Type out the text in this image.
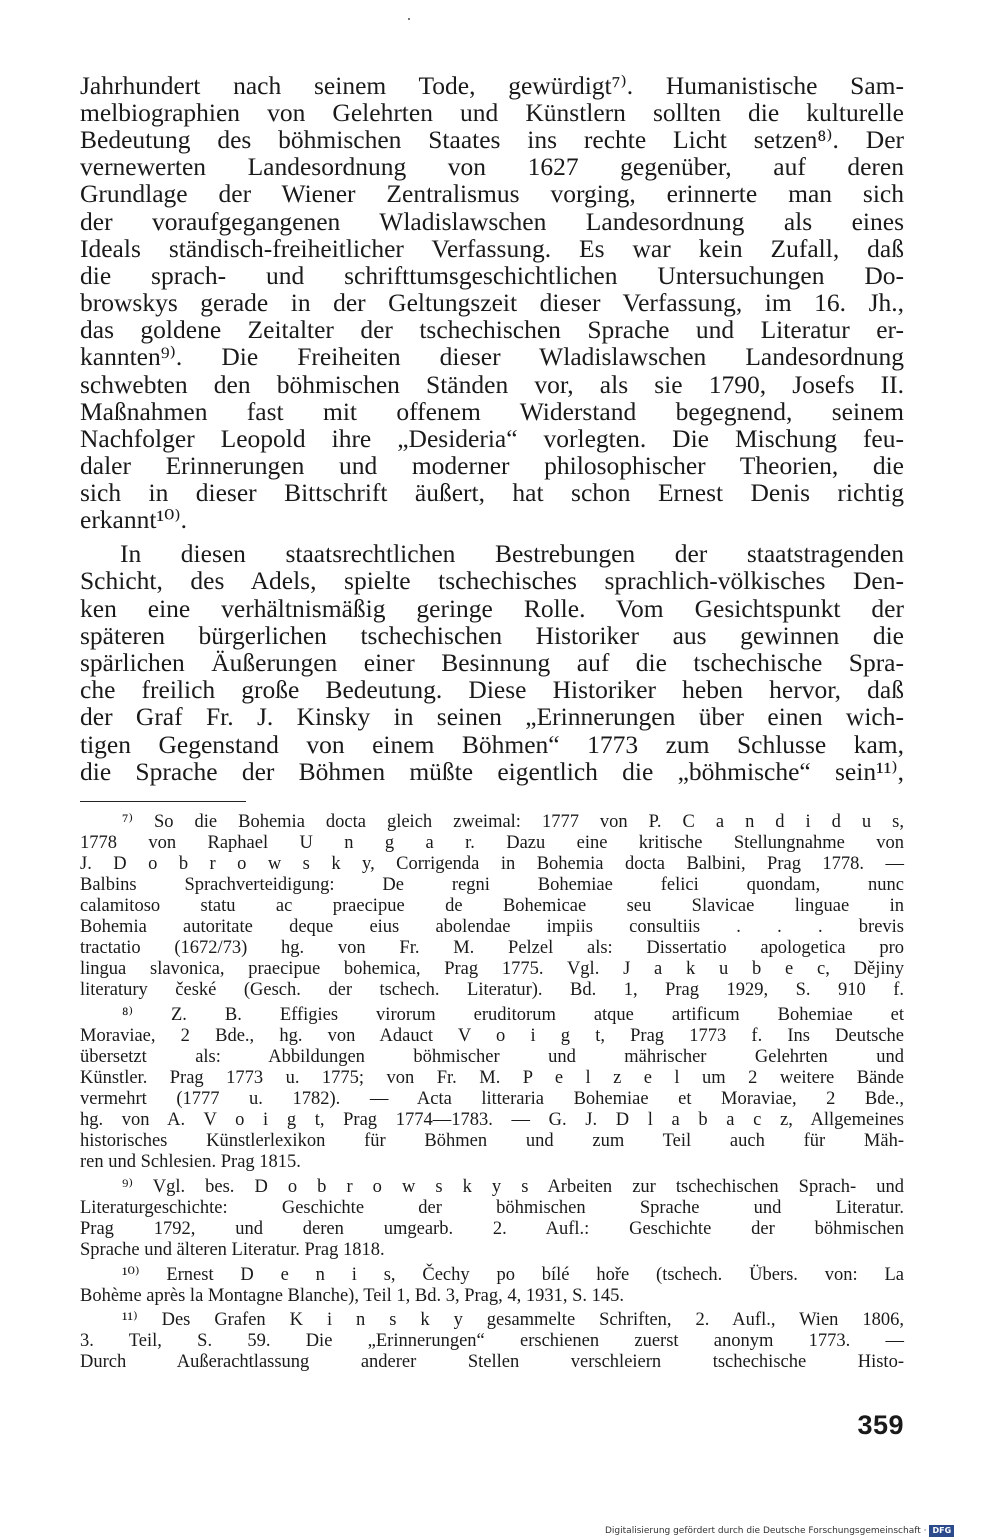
Jahrhundert nach seinem Tode, gewürdigt⁷⁾. Humanistische Sam-
melbiographien von Gelehrten und Künstlern sollten die kulturelle
Bedeutung des böhmischen Staates ins rechte Licht setzen⁸⁾. Der
vernewerten Landesordnung von 1627 gegenüber, auf deren
Grundlage der Wiener Zentralismus vorging, erinnerte man sich
der voraufgegangenen Wladislawschen Landesordnung als eines
Ideals ständisch-freiheitlicher Verfassung. Es war kein Zufall, daß
die sprach- und schrifttumsgeschichtlichen Untersuchungen Do-
browskys gerade in der Geltungszeit dieser Verfassung, im 16. Jh.,
das goldene Zeitalter der tschechischen Sprache und Literatur er-
kannten⁹⁾. Die Freiheiten dieser Wladislawschen Landesordnung
schwebten den böhmischen Ständen vor, als sie 1790, Josefs II.
Maßnahmen fast mit offenem Widerstand begegnend, seinem
Nachfolger Leopold ihre „Desideria“ vorlegten. Die Mischung feu-
daler Erinnerungen und moderner philosophischer Theorien, die
sich in dieser Bittschrift äußert, hat schon Ernest Denis richtig
erkannt¹⁰⁾.
In diesen staatsrechtlichen Bestrebungen der staatstragenden
Schicht, des Adels, spielte tschechisches sprachlich-völkisches Den-
ken eine verhältnismäßig geringe Rolle. Vom Gesichtspunkt der
späteren bürgerlichen tschechischen Historiker aus gewinnen die
spärlichen Äußerungen einer Besinnung auf die tschechische Spra-
che freilich große Bedeutung. Diese Historiker heben hervor, daß
der Graf Fr. J. Kinsky in seinen „Erinnerungen über einen wich-
tigen Gegenstand von einem Böhmen“ 1773 zum Schlusse kam,
die Sprache der Böhmen müßte eigentlich die „böhmische“ sein¹¹⁾,
⁷⁾ So die Bohemia docta gleich zweimal: 1777 von P. C a n d i d u s,
1778 von Raphael U n g a r. Dazu eine kritische Stellungnahme von
J. D o b r o w s k y, Corrigenda in Bohemia docta Balbini, Prag 1778. —
Balbins Sprachverteidigung: De regni Bohemiae felici quondam, nunc
calamitoso statu ac praecipue de Bohemicae seu Slavicae linguae in
Bohemia autoritate deque eius abolendae impiis consultiis . . . brevis
tractatio (1672/73) hg. von Fr. M. Pelzel als: Dissertatio apologetica pro
lingua slavonica, praecipue bohemica, Prag 1775. Vgl. J a k u b e c, Dějiny
literatury české (Gesch. der tschech. Literatur). Bd. 1, Prag 1929, S. 910 f.
⁸⁾ Z. B. Effigies virorum eruditorum atque artificum Bohemiae et
Moraviae, 2 Bde., hg. von Adauct V o i g t, Prag 1773 f. Ins Deutsche
übersetzt als: Abbildungen böhmischer und mährischer Gelehrten und
Künstler. Prag 1773 u. 1775; von Fr. M. P e l z e l um 2 weitere Bände
vermehrt (1777 u. 1782). — Acta litteraria Bohemiae et Moraviae, 2 Bde.,
hg. von A. V o i g t, Prag 1774—1783. — G. J. D l a b a c z, Allgemeines
historisches Künstlerlexikon für Böhmen und zum Teil auch für Mäh-
ren und Schlesien. Prag 1815.
⁹⁾ Vgl. bes. D o b r o w s k y s Arbeiten zur tschechischen Sprach- und
Literaturgeschichte: Geschichte der böhmischen Sprache und Literatur.
Prag 1792, und deren umgearb. 2. Aufl.: Geschichte der böhmischen
Sprache und älteren Literatur. Prag 1818.
¹⁰⁾ Ernest D e n i s, Čechy po bílé hoře (tschech. Übers. von: La
Bohème après la Montagne Blanche), Teil 1, Bd. 3, Prag, 4, 1931, S. 145.
¹¹⁾ Des Grafen K i n s k y gesammelte Schriften, 2. Aufl., Wien 1806,
3. Teil, S. 59. Die „Erinnerungen“ erschienen zuerst anonym 1773. —
Durch Außerachtlassung anderer Stellen verschleiern tschechische Histo-
359
Digitalisierung gefördert durch die Deutsche Forschungsgemeinschaft · DFG
